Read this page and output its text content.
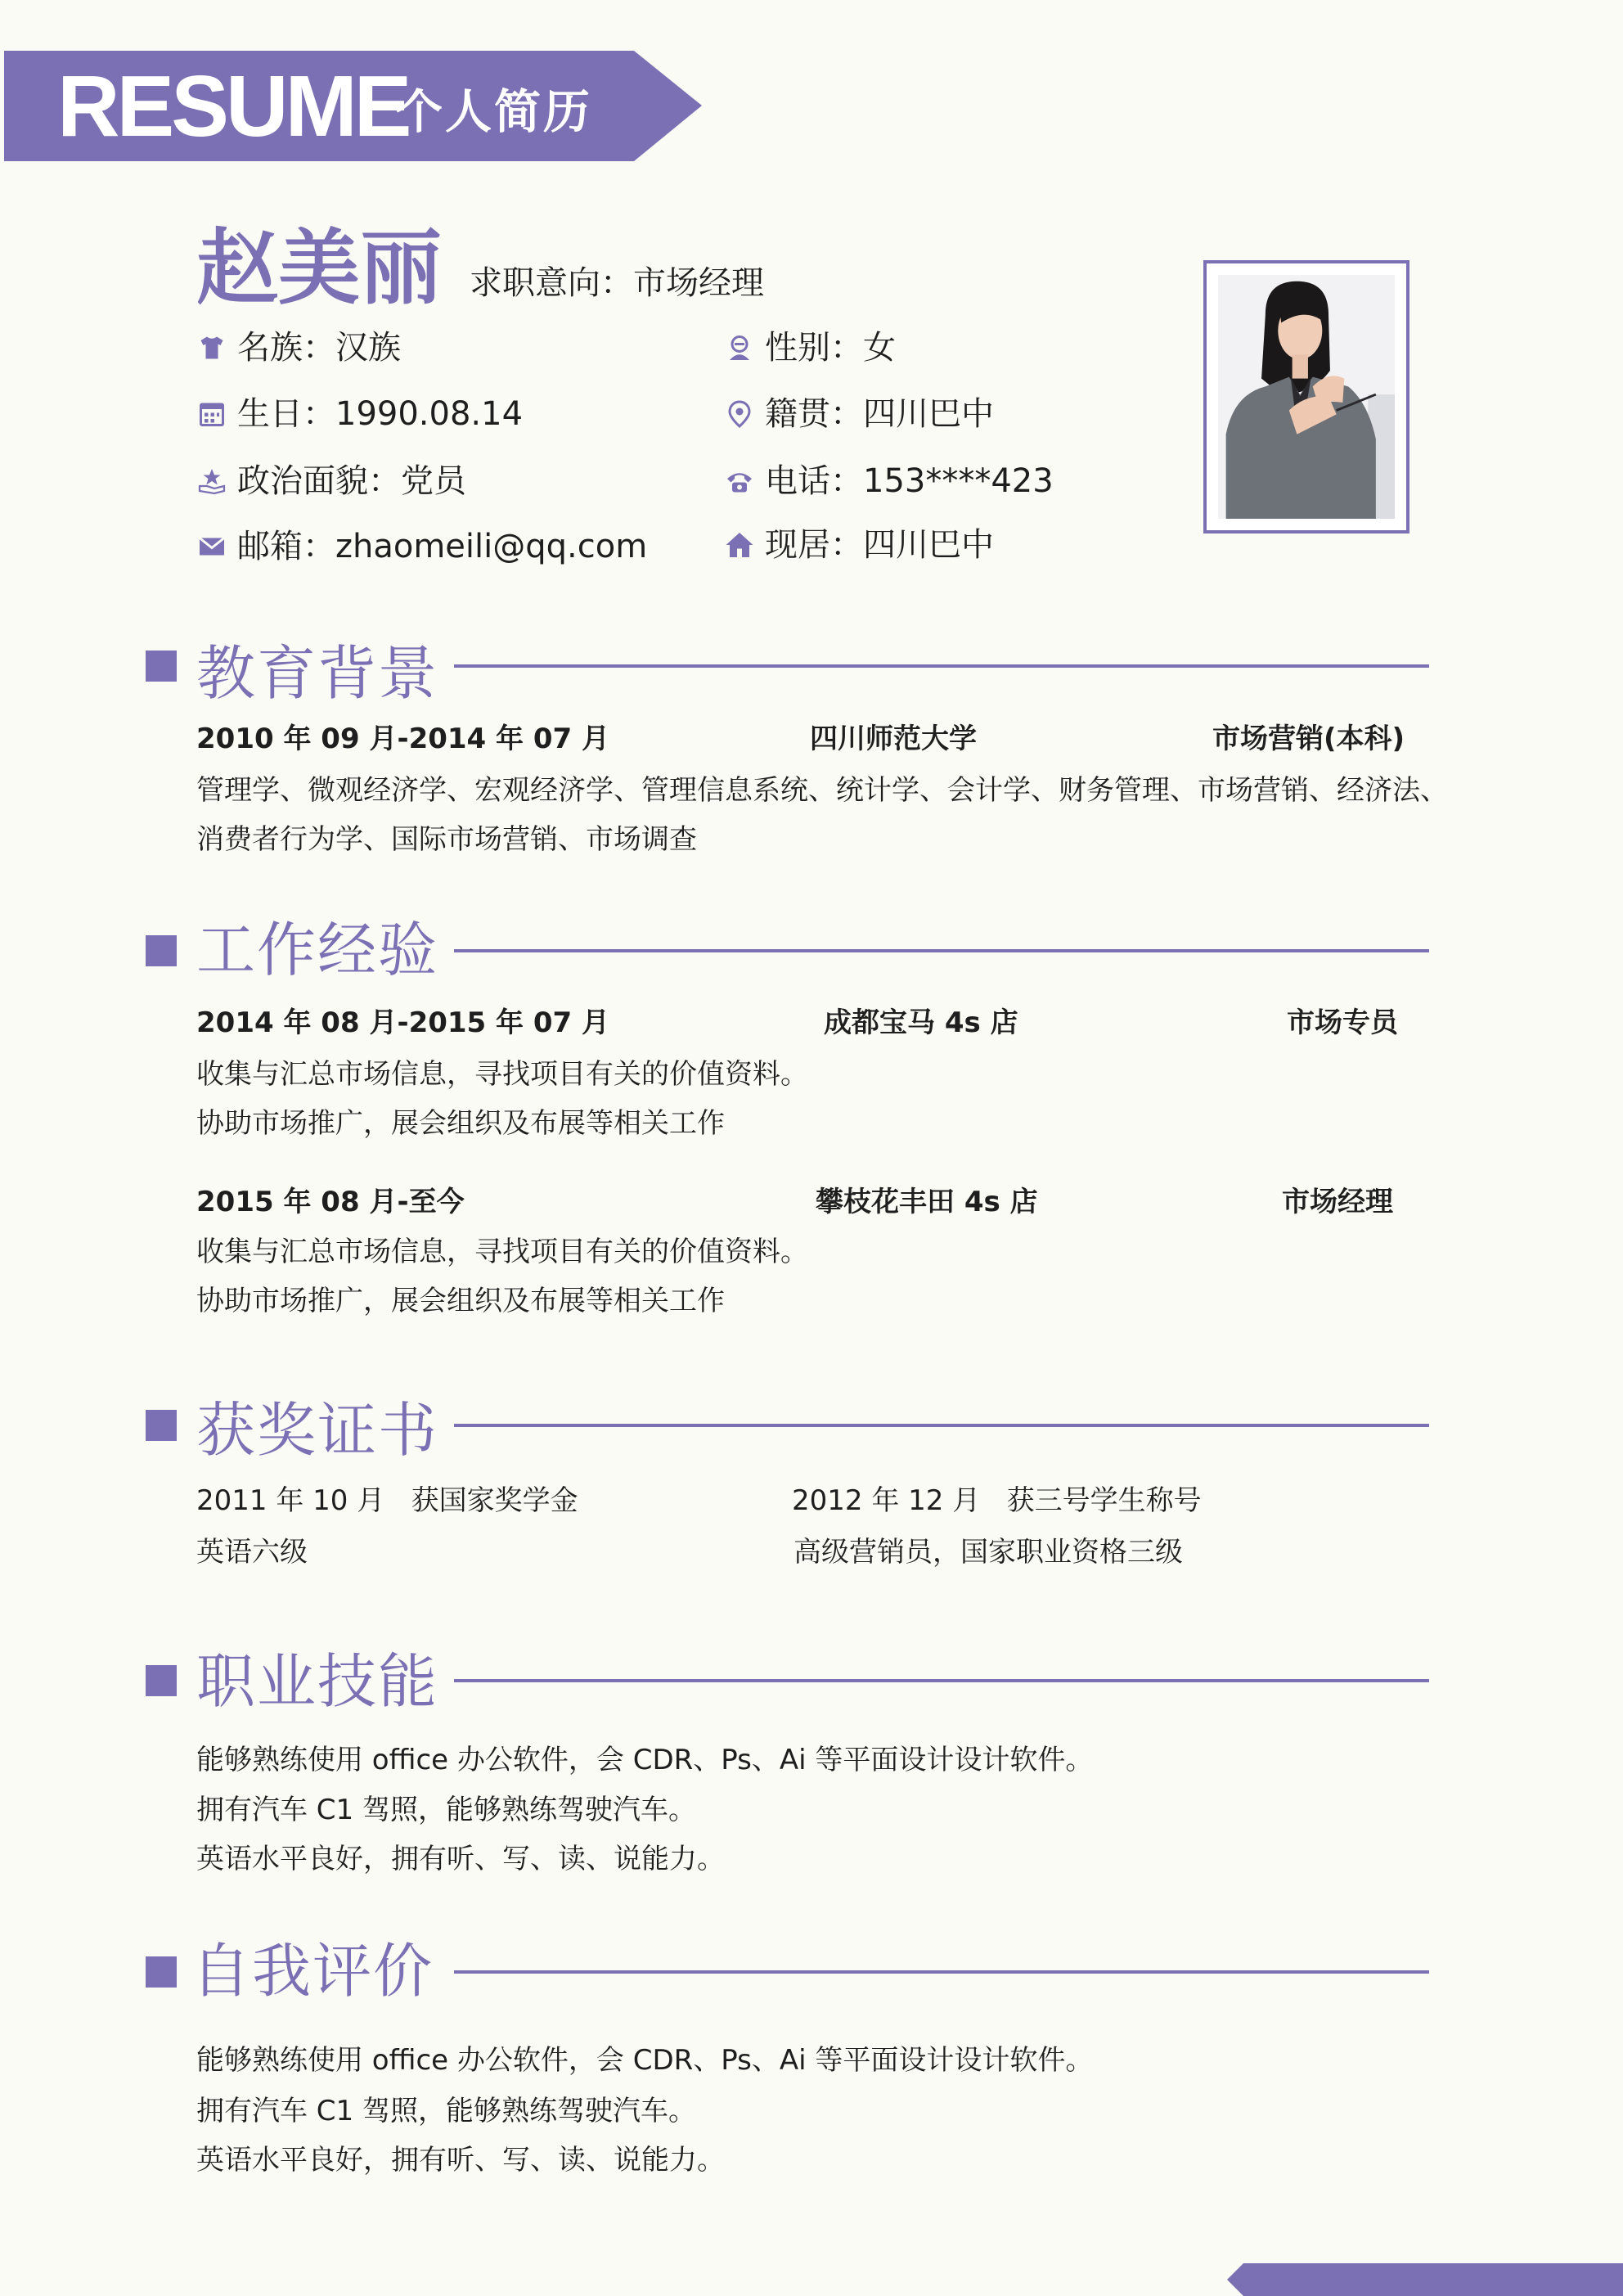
RESUME
个人简历
赵美丽 求职意向：市场经理
名族：汉族	性别：女
生日：1990.08.14	籍贯：四川巴中
政治面貌：党员	电话：153****423
邮箱：zhaomeili@qq.com	现居：四川巴中
教育背景
2010 年 09 月-2014 年 07 月	四川师范大学	市场营销(本科)
管理学、微观经济学、宏观经济学、管理信息系统、统计学、会计学、财务管理、市场营销、经济法、
消费者行为学、国际市场营销、市场调查
工作经验
2014 年 08 月-2015 年 07 月	成都宝马 4s 店	市场专员
收集与汇总市场信息，寻找项目有关的价值资料。
协助市场推广，展会组织及布展等相关工作
2015 年 08 月-至今	攀枝花丰田 4s 店	市场经理
收集与汇总市场信息，寻找项目有关的价值资料。
协助市场推广，展会组织及布展等相关工作
获奖证书
2011 年 10 月   获国家奖学金	2012 年 12 月   获三号学生称号
英语六级	高级营销员，国家职业资格三级
职业技能
能够熟练使用 office 办公软件，会 CDR、Ps、Ai 等平面设计设计软件。
拥有汽车 C1 驾照，能够熟练驾驶汽车。
英语水平良好，拥有听、写、读、说能力。
自我评价
能够熟练使用 office 办公软件，会 CDR、Ps、Ai 等平面设计设计软件。
拥有汽车 C1 驾照，能够熟练驾驶汽车。
英语水平良好，拥有听、写、读、说能力。
